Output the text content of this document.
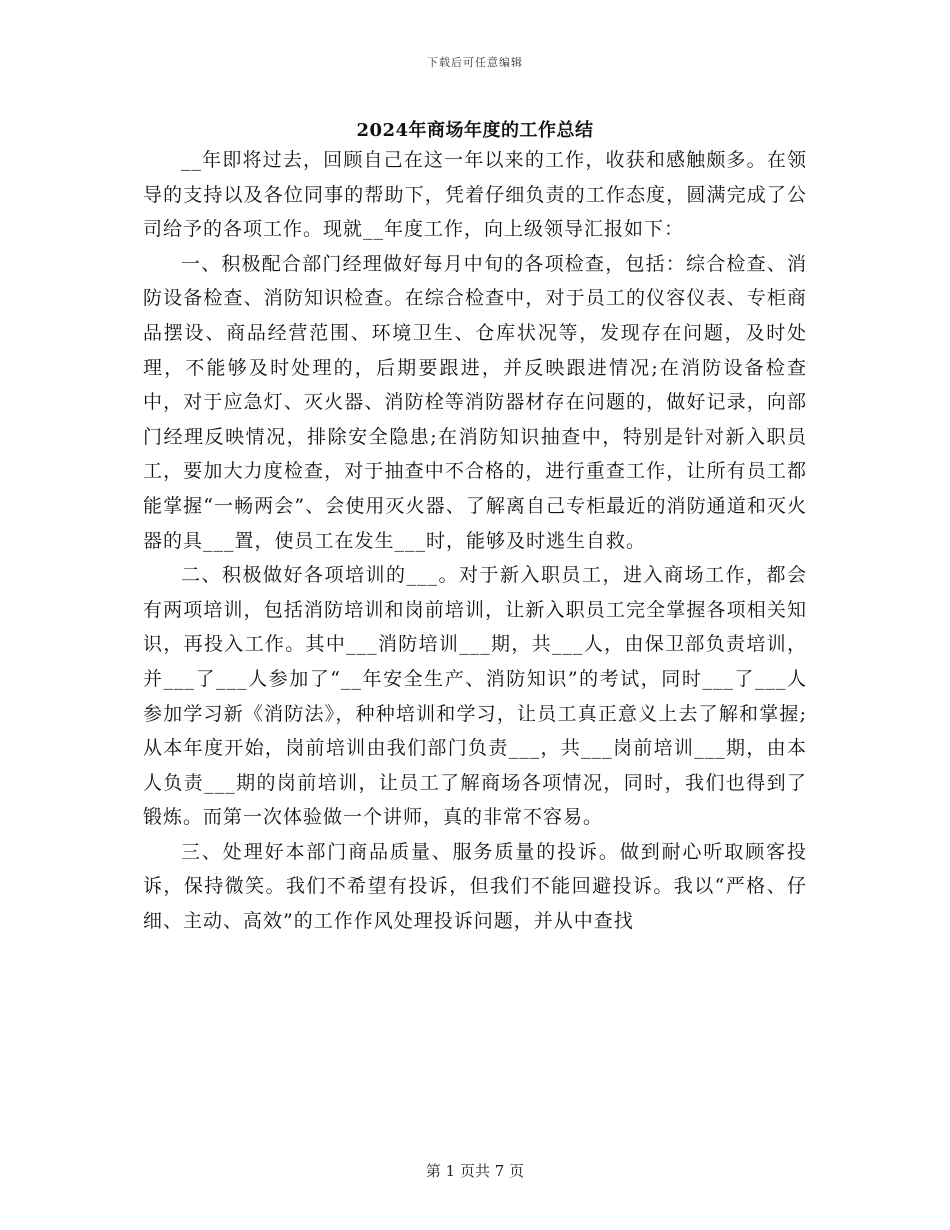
下载后可任意编辑
2024年商场年度的工作总结

__年即将过去，回顾自己在这一年以来的工作，收获和感触颇多。在领导的支持以及各位同事的帮助下，凭着仔细负责的工作态度，圆满完成了公司给予的各项工作。现就__年度工作，向上级领导汇报如下：

一、积极配合部门经理做好每月中旬的各项检查，包括：综合检查、消防设备检查、消防知识检查。在综合检查中，对于员工的仪容仪表、专柜商品摆设、商品经营范围、环境卫生、仓库状况等，发现存在问题，及时处理，不能够及时处理的，后期要跟进，并反映跟进情况;在消防设备检查中，对于应急灯、灭火器、消防栓等消防器材存在问题的，做好记录，向部门经理反映情况，排除安全隐患;在消防知识抽查中，特别是针对新入职员工，要加大力度检查，对于抽查中不合格的，进行重查工作，让所有员工都能掌握“一畅两会”、会使用灭火器、了解离自己专柜最近的消防通道和灭火器的具___置，使员工在发生___时，能够及时逃生自救。

二、积极做好各项培训的___。对于新入职员工，进入商场工作，都会有两项培训，包括消防培训和岗前培训，让新入职员工完全掌握各项相关知识，再投入工作。其中___消防培训___期，共___人，由保卫部负责培训，并___了___人参加了“__年安全生产、消防知识”的考试，同时___了___人参加学习新《消防法》，种种培训和学习，让员工真正意义上去了解和掌握;从本年度开始，岗前培训由我们部门负责___，共___岗前培训___期，由本人负责___期的岗前培训，让员工了解商场各项情况，同时，我们也得到了锻炼。而第一次体验做一个讲师，真的非常不容易。

三、处理好本部门商品质量、服务质量的投诉。做到耐心听取顾客投诉，保持微笑。我们不希望有投诉，但我们不能回避投诉。我以“严格、仔细、主动、高效”的工作作风处理投诉问题，并从中查找

第 1 页共 7 页
